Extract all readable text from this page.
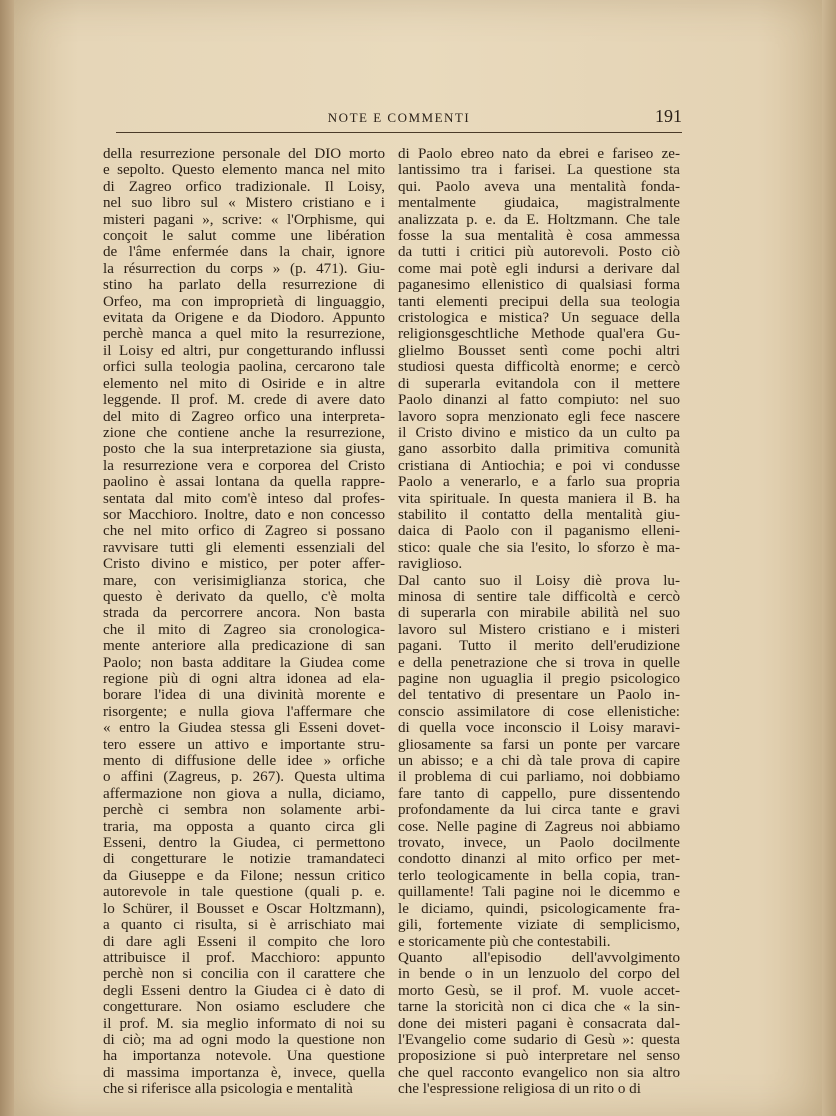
NOTE E COMMENTI	191
della resurrezione personale del DIO morto
e sepolto. Questo elemento manca nel mito
di Zagreo orfico tradizionale. Il Loisy,
nel suo libro sul « Mistero cristiano e i
misteri pagani », scrive: « l'Orphisme, qui
conçoit le salut comme une libération
de l'âme enfermée dans la chair, ignore
la résurrection du corps » (p. 471). Giu-
stino ha parlato della resurrezione di
Orfeo, ma con improprietà di linguaggio,
evitata da Origene e da Diodoro. Appunto
perchè manca a quel mito la resurrezione,
il Loisy ed altri, pur congetturando influssi
orfici sulla teologia paolina, cercarono tale
elemento nel mito di Osiride e in altre
leggende. Il prof. M. crede di avere dato
del mito di Zagreo orfico una interpreta-
zione che contiene anche la resurrezione,
posto che la sua interpretazione sia giusta,
la resurrezione vera e corporea del Cristo
paolino è assai lontana da quella rappre-
sentata dal mito com'è inteso dal profes-
sor Macchioro. Inoltre, dato e non concesso
che nel mito orfico di Zagreo si possano
ravvisare tutti gli elementi essenziali del
Cristo divino e mistico, per poter affer-
mare, con verisimiglianza storica, che
questo è derivato da quello, c'è molta
strada da percorrere ancora. Non basta
che il mito di Zagreo sia cronologica-
mente anteriore alla predicazione di san
Paolo; non basta additare la Giudea come
regione più di ogni altra idonea ad ela-
borare l'idea di una divinità morente e
risorgente; e nulla giova l'affermare che
« entro la Giudea stessa gli Esseni dovet-
tero essere un attivo e importante stru-
mento di diffusione delle idee » orfiche
o affini (Zagreus, p. 267). Questa ultima
affermazione non giova a nulla, diciamo,
perchè ci sembra non solamente arbi-
traria, ma opposta a quanto circa gli
Esseni, dentro la Giudea, ci permettono
di congetturare le notizie tramandateci
da Giuseppe e da Filone; nessun critico
autorevole in tale questione (quali p. e.
lo Schürer, il Bousset e Oscar Holtzmann),
a quanto ci risulta, si è arrischiato mai
di dare agli Esseni il compito che loro
attribuisce il prof. Macchioro: appunto
perchè non si concilia con il carattere che
degli Esseni dentro la Giudea ci è dato di
congetturare. Non osiamo escludere che
il prof. M. sia meglio informato di noi su
di ciò; ma ad ogni modo la questione non
ha importanza notevole. Una questione
di massima importanza è, invece, quella
che si riferisce alla psicologia e mentalità
di Paolo ebreo nato da ebrei e fariseo ze-
lantissimo tra i farisei. La questione sta
qui. Paolo aveva una mentalità fonda-
mentalmente giudaica, magistralmente
analizzata p. e. da E. Holtzmann. Che tale
fosse la sua mentalità è cosa ammessa
da tutti i critici più autorevoli. Posto ciò
come mai potè egli indursi a derivare dal
paganesimo ellenistico di qualsiasi forma
tanti elementi precipui della sua teologia
cristologica e mistica? Un seguace della
religionsgeschtliche Methode qual'era Gu-
glielmo Bousset sentì come pochi altri
studiosi questa difficoltà enorme; e cercò
di superarla evitandola con il mettere
Paolo dinanzi al fatto compiuto: nel suo
lavoro sopra menzionato egli fece nascere
il Cristo divino e mistico da un culto pa
gano assorbito dalla primitiva comunità
cristiana di Antiochia; e poi vi condusse
Paolo a venerarlo, e a farlo sua propria
vita spirituale. In questa maniera il B. ha
stabilito il contatto della mentalità giu-
daica di Paolo con il paganismo elleni-
stico: quale che sia l'esito, lo sforzo è ma-
raviglioso.
Dal canto suo il Loisy diè prova lu-
minosa di sentire tale difficoltà e cercò
di superarla con mirabile abilità nel suo
lavoro sul Mistero cristiano e i misteri
pagani. Tutto il merito dell'erudizione
e della penetrazione che si trova in quelle
pagine non uguaglia il pregio psicologico
del tentativo di presentare un Paolo in-
conscio assimilatore di cose ellenistiche:
di quella voce inconscio il Loisy maravi-
gliosamente sa farsi un ponte per varcare
un abisso; e a chi dà tale prova di capire
il problema di cui parliamo, noi dobbiamo
fare tanto di cappello, pure dissentendo
profondamente da lui circa tante e gravi
cose. Nelle pagine di Zagreus noi abbiamo
trovato, invece, un Paolo docilmente
condotto dinanzi al mito orfico per met-
terlo teologicamente in bella copia, tran-
quillamente! Tali pagine noi le dicemmo e
le diciamo, quindi, psicologicamente fra-
gili, fortemente viziate di semplicismo,
e storicamente più che contestabili.
Quanto all'episodio dell'avvolgimento
in bende o in un lenzuolo del corpo del
morto Gesù, se il prof. M. vuole accet-
tarne la storicità non ci dica che « la sin-
done dei misteri pagani è consacrata dal-
l'Evangelio come sudario di Gesù »: questa
proposizione si può interpretare nel senso
che quel racconto evangelico non sia altro
che l'espressione religiosa di un rito o di
